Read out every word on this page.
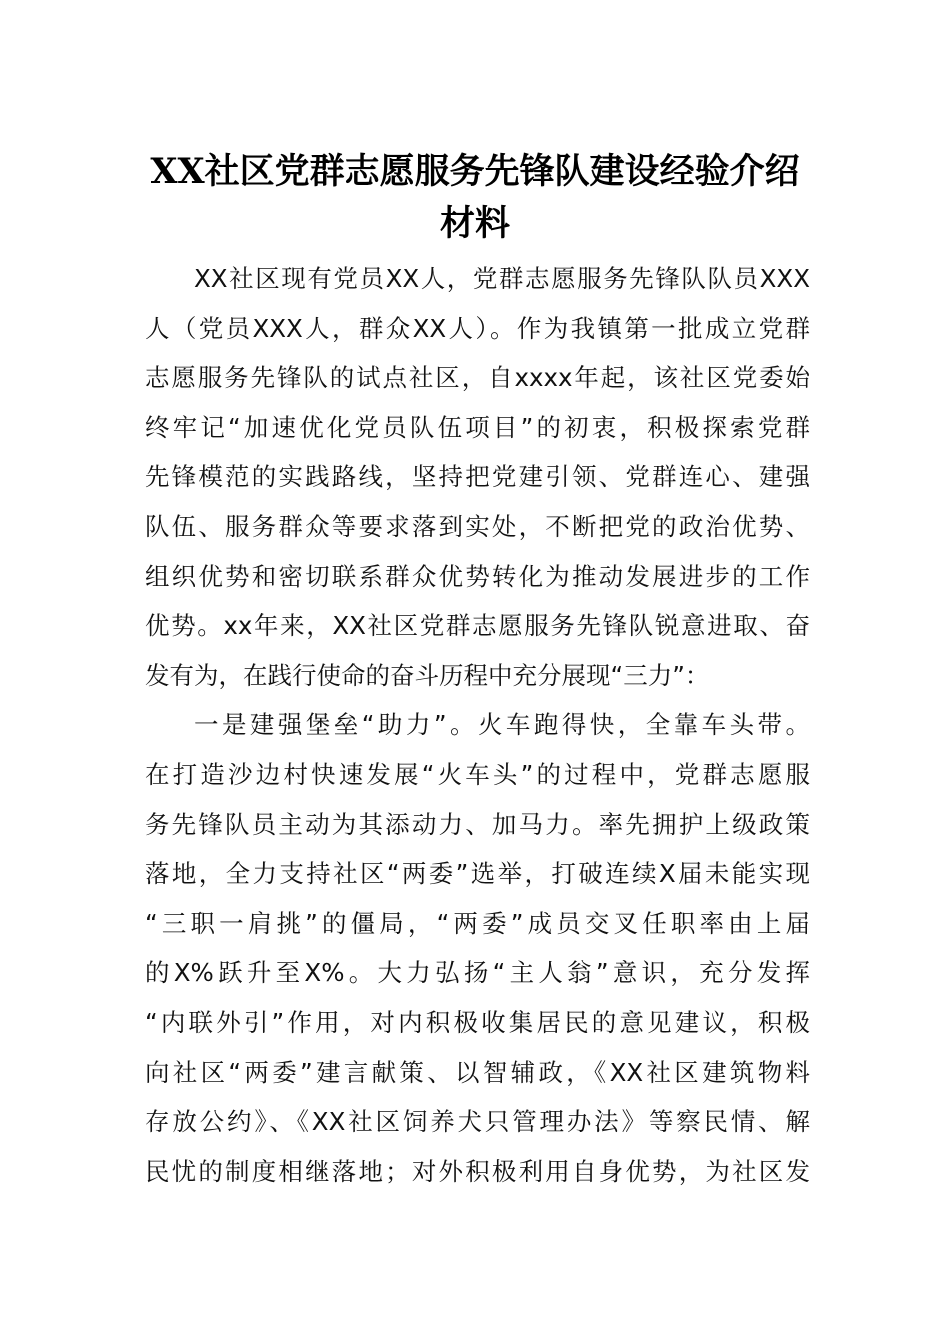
XX社区党群志愿服务先锋队建设经验介绍
材料
XX社区现有党员XX人，党群志愿服务先锋队队员XXX
人（党员XXX人，群众XX人）。作为我镇第一批成立党群
志愿服务先锋队的试点社区，自xxxx年起，该社区党委始
终牢记“加速优化党员队伍项目”的初衷，积极探索党群
先锋模范的实践路线，坚持把党建引领、党群连心、建强
队伍、服务群众等要求落到实处，不断把党的政治优势、
组织优势和密切联系群众优势转化为推动发展进步的工作
优势。xx年来，XX社区党群志愿服务先锋队锐意进取、奋
发有为，在践行使命的奋斗历程中充分展现“三力”：
一是建强堡垒“助力”。火车跑得快，全靠车头带。
在打造沙边村快速发展“火车头”的过程中，党群志愿服
务先锋队员主动为其添动力、加马力。率先拥护上级政策
落地，全力支持社区“两委”选举，打破连续X届未能实现
“三职一肩挑”的僵局，“两委”成员交叉任职率由上届
的X%跃升至X%。大力弘扬“主人翁”意识，充分发挥
“内联外引”作用，对内积极收集居民的意见建议，积极
向社区“两委”建言献策、以智辅政，《XX社区建筑物料
存放公约》、《XX社区饲养犬只管理办法》等察民情、解
民忧的制度相继落地；对外积极利用自身优势，为社区发
